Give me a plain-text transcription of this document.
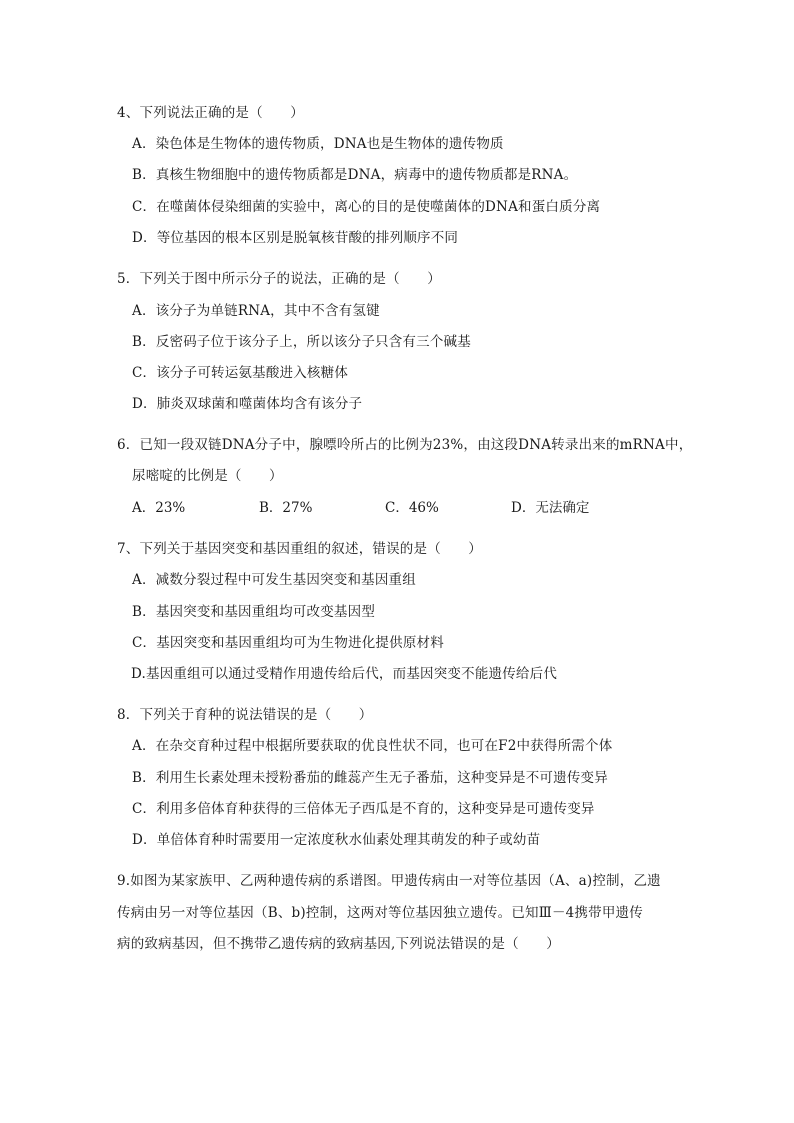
4、下列说法正确的是（　　）
A．染色体是生物体的遗传物质，DNA也是生物体的遗传物质
B．真核生物细胞中的遗传物质都是DNA，病毒中的遗传物质都是RNA。
C．在噬菌体侵染细菌的实验中，离心的目的是使噬菌体的DNA和蛋白质分离
D．等位基因的根本区别是脱氧核苷酸的排列顺序不同
5．下列关于图中所示分子的说法，正确的是（　　）
A．该分子为单链RNA，其中不含有氢键
B．反密码子位于该分子上，所以该分子只含有三个碱基
C．该分子可转运氨基酸进入核糖体
D．肺炎双球菌和噬菌体均含有该分子
6．已知一段双链DNA分子中，腺嘌呤所占的比例为23%，由这段DNA转录出来的mRNA中，
尿嘧啶的比例是（　　）
A．23%	B．27%	C．46%	D．无法确定
7、下列关于基因突变和基因重组的叙述，错误的是（　　）
A．减数分裂过程中可发生基因突变和基因重组
B．基因突变和基因重组均可改变基因型
C．基因突变和基因重组均可为生物进化提供原材料
D.基因重组可以通过受精作用遗传给后代，而基因突变不能遗传给后代
8．下列关于育种的说法错误的是（　　）
A．在杂交育种过程中根据所要获取的优良性状不同，也可在F2中获得所需个体
B．利用生长素处理未授粉番茄的雌蕊产生无子番茄，这种变异是不可遗传变异
C．利用多倍体育种获得的三倍体无子西瓜是不育的，这种变异是可遗传变异
D．单倍体育种时需要用一定浓度秋水仙素处理其萌发的种子或幼苗
9.如图为某家族甲、乙两种遗传病的系谱图。甲遗传病由一对等位基因（A、a)控制，乙遗
传病由另一对等位基因（B、b)控制，这两对等位基因独立遗传。已知Ⅲ－4携带甲遗传
病的致病基因，但不携带乙遗传病的致病基因,下列说法错误的是（　　）
